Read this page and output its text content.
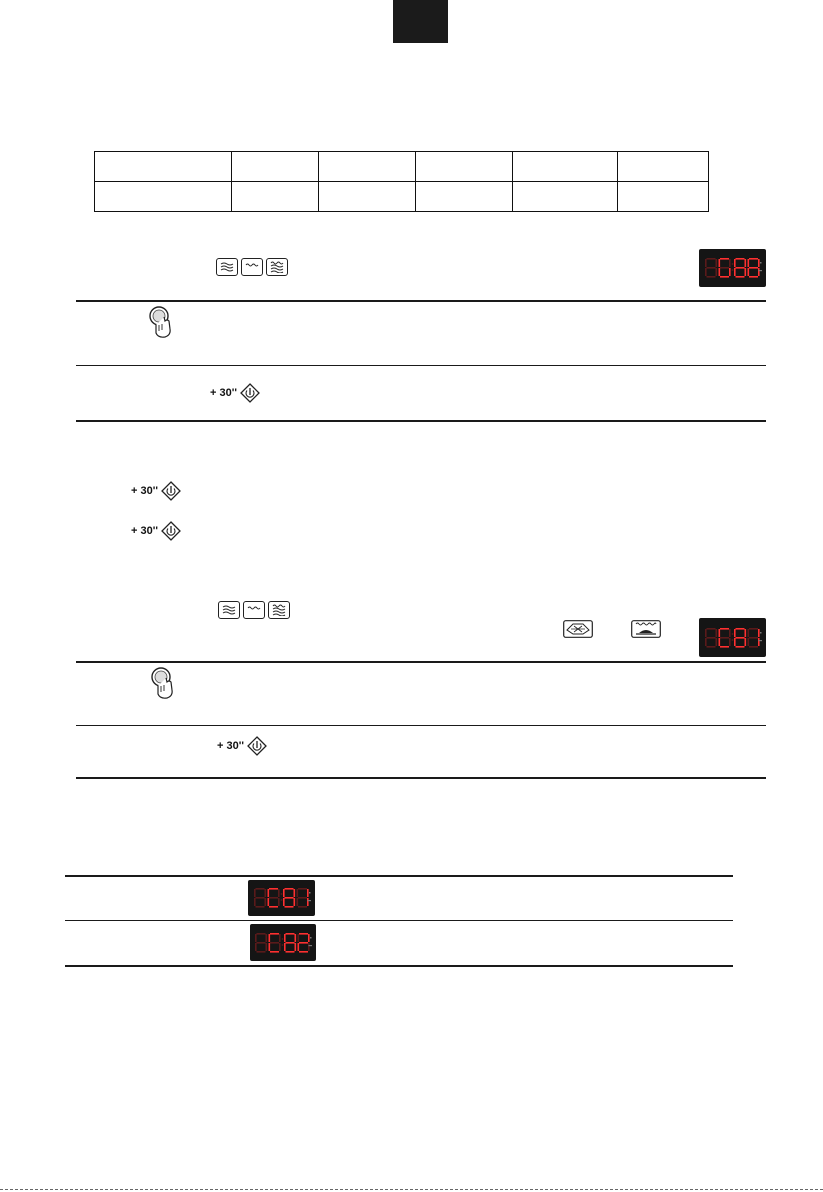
+ 30''
+ 30''
+ 30''
+ 30''
